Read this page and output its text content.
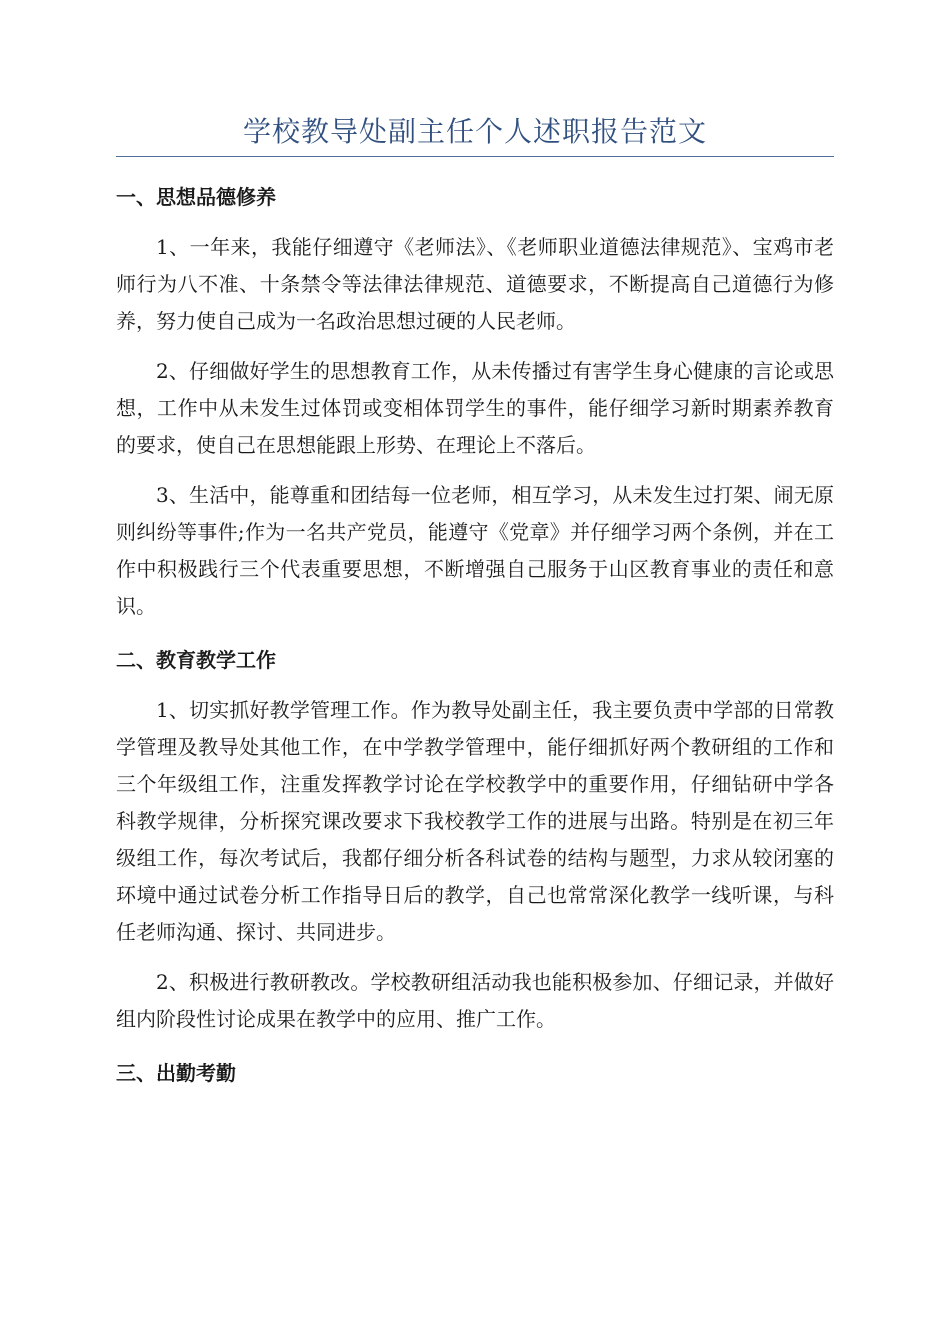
学校教导处副主任个人述职报告范文
一、思想品德修养

1、一年来，我能仔细遵守《老师法》、《老师职业道德法律规范》、宝鸡市老师行为八不准、十条禁令等法律法律规范、道德要求，不断提高自己道德行为修养，努力使自己成为一名政治思想过硬的人民老师。

2、仔细做好学生的思想教育工作，从未传播过有害学生身心健康的言论或思想，工作中从未发生过体罚或变相体罚学生的事件，能仔细学习新时期素养教育的要求，使自己在思想能跟上形势、在理论上不落后。

3、生活中，能尊重和团结每一位老师，相互学习，从未发生过打架、闹无原则纠纷等事件;作为一名共产党员，能遵守《党章》并仔细学习两个条例，并在工作中积极践行三个代表重要思想，不断增强自己服务于山区教育事业的责任和意识。

二、教育教学工作

1、切实抓好教学管理工作。作为教导处副主任，我主要负责中学部的日常教学管理及教导处其他工作，在中学教学管理中，能仔细抓好两个教研组的工作和三个年级组工作，注重发挥教学讨论在学校教学中的重要作用，仔细钻研中学各科教学规律，分析探究课改要求下我校教学工作的进展与出路。特别是在初三年级组工作，每次考试后，我都仔细分析各科试卷的结构与题型，力求从较闭塞的环境中通过试卷分析工作指导日后的教学，自己也常常深化教学一线听课，与科任老师沟通、探讨、共同进步。

2、积极进行教研教改。学校教研组活动我也能积极参加、仔细记录，并做好组内阶段性讨论成果在教学中的应用、推广工作。

三、出勤考勤
